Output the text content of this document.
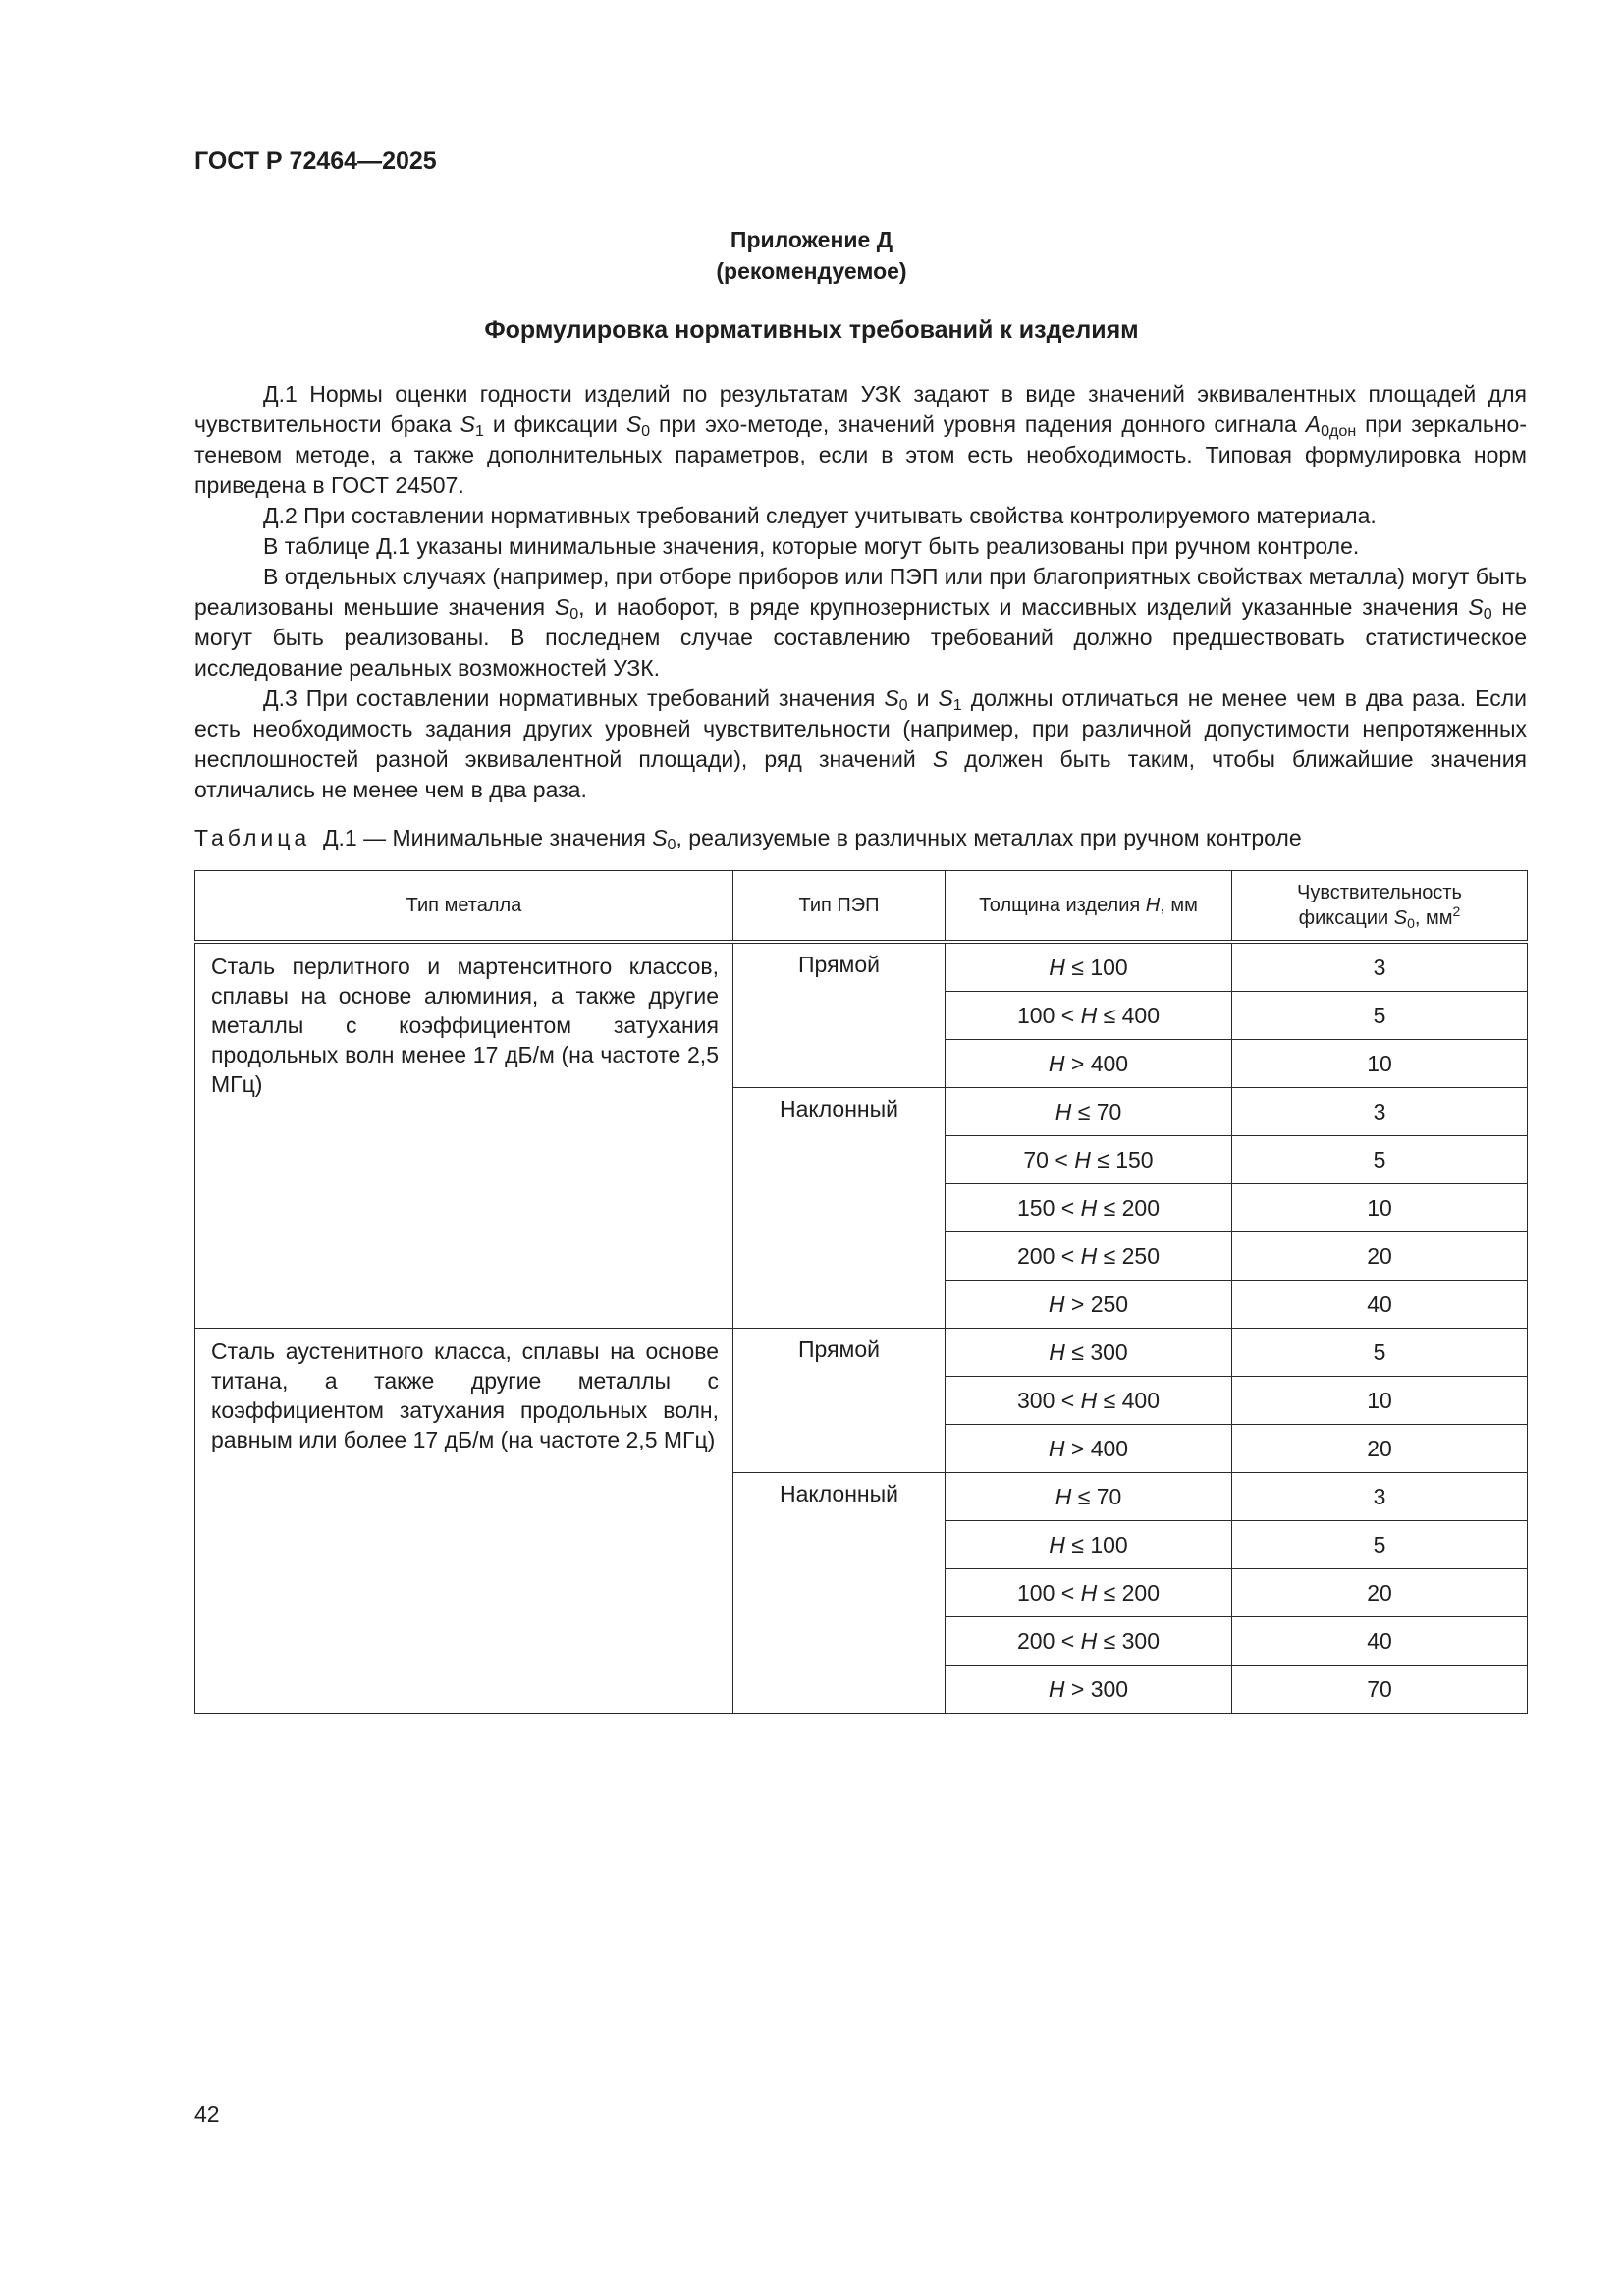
ГОСТ Р 72464—2025
Приложение Д
(рекомендуемое)
Формулировка нормативных требований к изделиям

Д.1 Нормы оценки годности изделий по результатам УЗК задают в виде значений эквивалентных площадей для чувствительности брака $S_1$ и фиксации $S_0$ при эхо-методе, значений уровня падения донного сигнала $A_{0дон}$ при зеркально-теневом методе, а также дополнительных параметров, если в этом есть необходимость. Типовая формулировка норм приведена в ГОСТ 24507.

Д.2 При составлении нормативных требований следует учитывать свойства контролируемого материала.

В таблице Д.1 указаны минимальные значения, которые могут быть реализованы при ручном контроле.

В отдельных случаях (например, при отборе приборов или ПЭП или при благоприятных свойствах металла) могут быть реализованы меньшие значения $S_0$, и наоборот, в ряде крупнозернистых и массивных изделий указанные значения $S_0$ не могут быть реализованы. В последнем случае составлению требований должно предшествовать статистическое исследование реальных возможностей УЗК.

Д.3 При составлении нормативных требований значения $S_0$ и $S_1$ должны отличаться не менее чем в два раза. Если есть необходимость задания других уровней чувствительности (например, при различной допустимости непротяженных несплошностей разной эквивалентной площади), ряд значений S должен быть таким, чтобы ближайшие значения отличались не менее чем в два раза.

Таблица Д.1 — Минимальные значения $S_0$, реализуемые в различных металлах при ручном контроле
Тип металла	Тип ПЭП	Толщина изделия H, мм	Чувствительность
фиксации $S_0$, $мм^2$
Сталь перлитного и мартенситного классов, сплавы на основе алюминия, а также другие металлы с коэффициентом затухания продольных волн менее 17 дБ/м (на частоте 2,5 МГц)	Прямой	H ≤ 100	3
		100 < H ≤ 400	5
		H > 400	10
	Наклонный	H ≤ 70	3
		70 < H ≤ 150	5
		150 < H ≤ 200	10
		200 < H ≤ 250	20
		H > 250	40
Сталь аустенитного класса, сплавы на основе титана, а также другие металлы с коэффициентом затухания продольных волн, равным или более 17 дБ/м (на частоте 2,5 МГц)	Прямой	H ≤ 300	5
		300 < H ≤ 400	10
		H > 400	20
	Наклонный	H ≤ 70	3
		H ≤ 100	5
		100 < H ≤ 200	20
		200 < H ≤ 300	40
		H > 300	70
42
